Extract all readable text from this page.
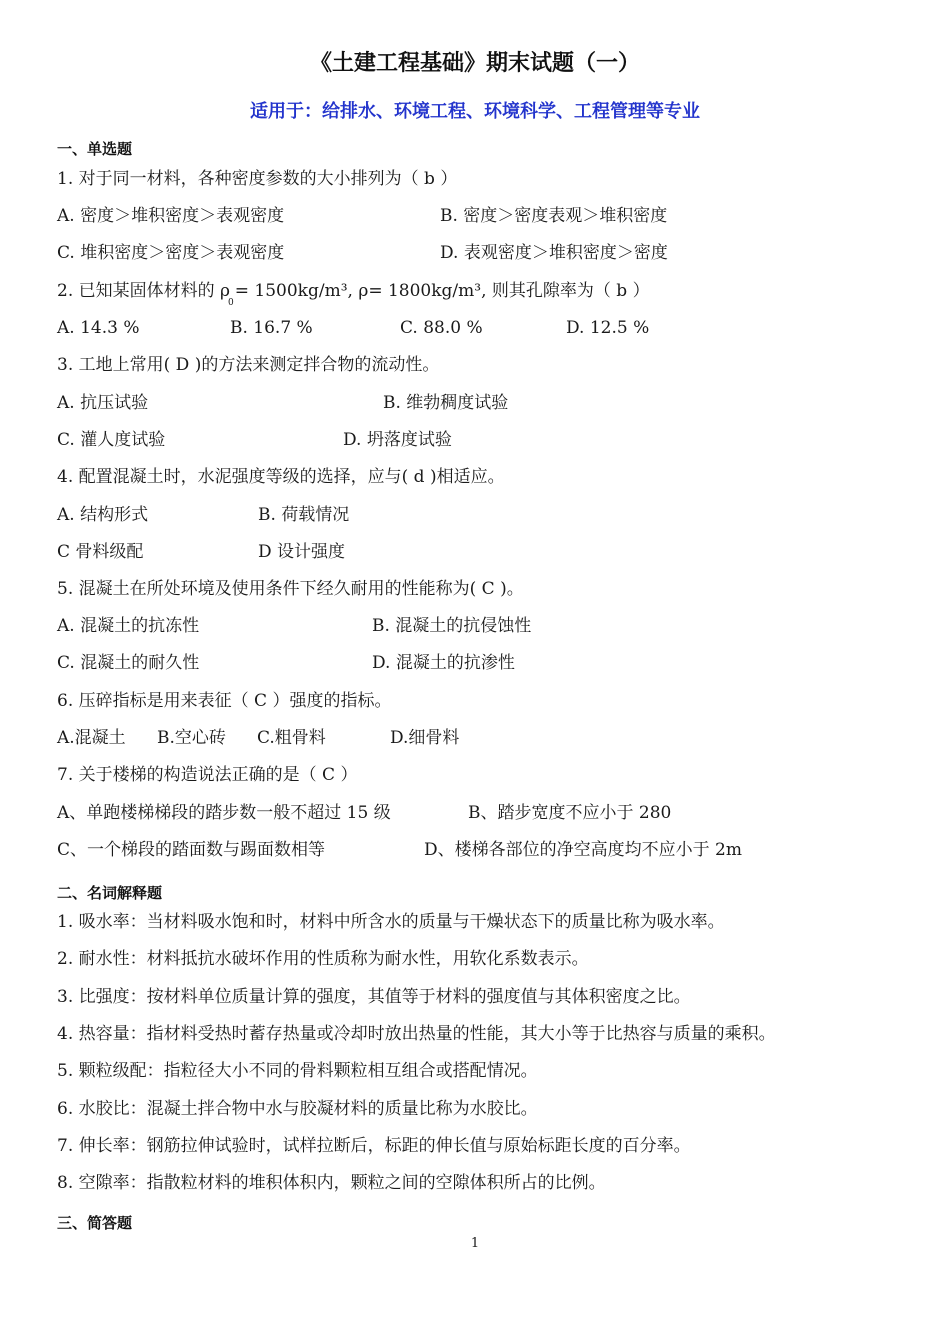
《土建工程基础》期末试题（一）
适用于：给排水、环境工程、环境科学、工程管理等专业
一、单选题
1. 对于同一材料，各种密度参数的大小排列为（ b ）
A. 密度＞堆积密度＞表观密度	B. 密度＞密度表观＞堆积密度
C. 堆积密度＞密度＞表观密度	D. 表观密度＞堆积密度＞密度
2. 已知某固体材料的 $\rho_0= 1500kg/m^3$, ρ= 1800kg/m³, 则其孔隙率为（ b ）
A. 14.3 %	B. 16.7 %	C. 88.0 %	D. 12.5 %
3. 工地上常用( D )的方法来测定拌合物的流动性。
A. 抗压试验	B. 维勃稠度试验
C. 灌人度试验	D. 坍落度试验
4. 配置混凝土时，水泥强度等级的选择，应与( d )相适应。
A. 结构形式	B. 荷载情况
C 骨料级配	D 设计强度
5. 混凝土在所处环境及使用条件下经久耐用的性能称为( C )。
A. 混凝土的抗冻性	B. 混凝土的抗侵蚀性
C. 混凝土的耐久性	D. 混凝土的抗渗性
6. 压碎指标是用来表征（ C ）强度的指标。
A.混凝土 B.空心砖 C.粗骨料	D.细骨料
7. 关于楼梯的构造说法正确的是（ C ）
A、单跑楼梯梯段的踏步数一般不超过 15 级	B、踏步宽度不应小于 280
C、一个梯段的踏面数与踢面数相等	D、楼梯各部位的净空高度均不应小于 2m
二、名词解释题
1. 吸水率：当材料吸水饱和时，材料中所含水的质量与干燥状态下的质量比称为吸水率。
2. 耐水性：材料抵抗水破坏作用的性质称为耐水性，用软化系数表示。
3. 比强度：按材料单位质量计算的强度，其值等于材料的强度值与其体积密度之比。
4. 热容量：指材料受热时蓄存热量或冷却时放出热量的性能，其大小等于比热容与质量的乘积。
5. 颗粒级配：指粒径大小不同的骨料颗粒相互组合或搭配情况。
6. 水胶比：混凝土拌合物中水与胶凝材料的质量比称为水胶比。
7. 伸长率：钢筋拉伸试验时，试样拉断后，标距的伸长值与原始标距长度的百分率。
8. 空隙率：指散粒材料的堆积体积内，颗粒之间的空隙体积所占的比例。
三、简答题
1
